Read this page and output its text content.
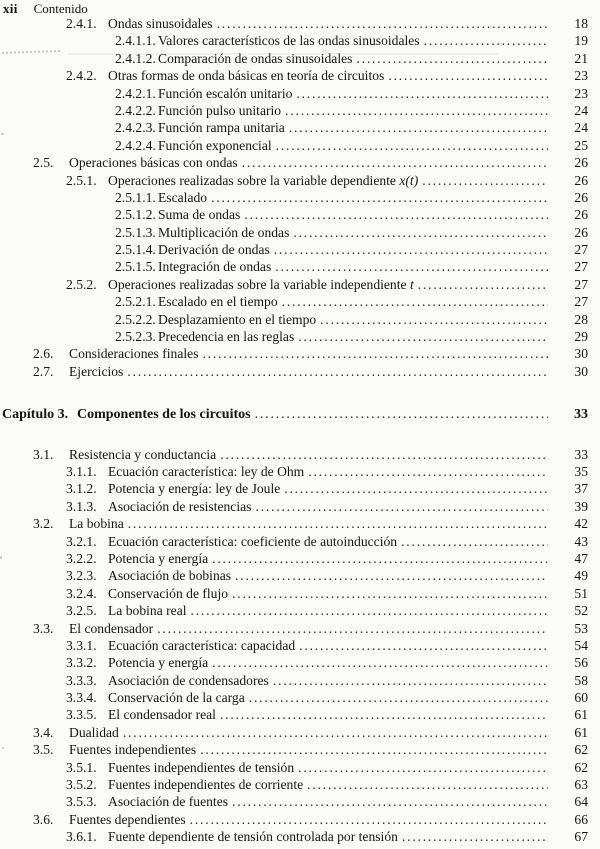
xii Contenido
2.4.1. Ondas sinusoidales .....	18
2.4.1.1. Valores característicos de las ondas sinusoidales .....	19
2.4.1.2. Comparación de ondas sinusoidales .....	21
2.4.2. Otras formas de onda básicas en teoría de circuitos .....	23
2.4.2.1. Función escalón unitario .....	23
2.4.2.2. Función pulso unitario .....	24
2.4.2.3. Función rampa unitaria .....	24
2.4.2.4. Función exponencial .....	25
2.5.	Operaciones básicas con ondas .....	26
2.5.1. Operaciones realizadas sobre la variable dependiente x(t) .....	26
2.5.1.1. Escalado .....	26
2.5.1.2. Suma de ondas .....	26
2.5.1.3. Multiplicación de ondas .....	26
2.5.1.4. Derivación de ondas .....	27
2.5.1.5. Integración de ondas .....	27
2.5.2. Operaciones realizadas sobre la variable independiente t .....	27
2.5.2.1. Escalado en el tiempo .....	27
2.5.2.2. Desplazamiento en el tiempo .....	28
2.5.2.3. Precedencia en las reglas .....	29
2.6.	Consideraciones finales .....	30
2.7.	Ejercicios .....	30
Capítulo 3. Componentes de los circuitos .....	33
3.1.	Resistencia y conductancia .....	33
3.1.1. Ecuación característica: ley de Ohm .....	35
3.1.2. Potencia y energía: ley de Joule .....	37
3.1.3. Asociación de resistencias .....	39
3.2.	La bobina .....	42
3.2.1. Ecuación característica: coeficiente de autoinducción .....	43
3.2.2. Potencia y energía .....	47
3.2.3. Asociación de bobinas .....	49
3.2.4. Conservación de flujo .....	51
3.2.5. La bobina real .....	52
3.3.	El condensador .....	53
3.3.1. Ecuación característica: capacidad .....	54
3.3.2. Potencia y energía .....	56
3.3.3. Asociación de condensadores .....	58
3.3.4. Conservación de la carga .....	60
3.3.5. El condensador real .....	61
3.4.	Dualidad .....	61
3.5.	Fuentes independientes .....	62
3.5.1. Fuentes independientes de tensión .....	62
3.5.2. Fuentes independientes de corriente .....	63
3.5.3. Asociación de fuentes .....	64
3.6.	Fuentes dependientes .....	66
3.6.1. Fuente dependiente de tensión controlada por tensión .....	67
